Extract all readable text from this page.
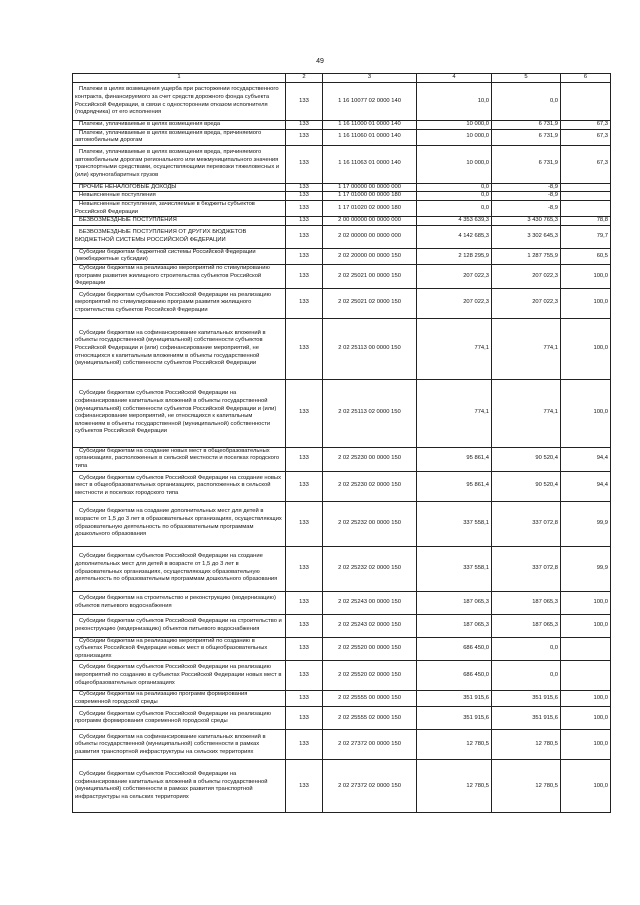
49
1	2	3	4	5	6
Платежи в целях возмещения ущерба при расторжении государственного контракта, финансируемого за счет средств дорожного фонда субъекта Российской Федерации, в связи с односторонним отказом исполнителя (подрядчика) от его исполнения	133	1 16 10077 02 0000 140	10,0	0,0	
Платежи, уплачиваемые в целях возмещения вреда	133	1 16 11000 01 0000 140	10 000,0	6 731,9	67,3
Платежи, уплачиваемые в целях возмещения вреда, причиняемого автомобильным дорогам	133	1 16 11060 01 0000 140	10 000,0	6 731,9	67,3
Платежи, уплачиваемые в целях возмещения вреда, причиняемого автомобильным дорогам регионального или межмуниципального значения транспортными средствами, осуществляющими перевозки тяжеловесных и (или) крупногабаритных грузов	133	1 16 11063 01 0000 140	10 000,0	6 731,9	67,3
ПРОЧИЕ НЕНАЛОГОВЫЕ ДОХОДЫ	133	1 17 00000 00 0000 000	0,0	-8,9	
Невыясненные поступления	133	1 17 01000 00 0000 180	0,0	-8,9	
Невыясненные поступления, зачисляемые в бюджеты субъектов Российской Федерации	133	1 17 01020 02 0000 180	0,0	-8,9	
БЕЗВОЗМЕЗДНЫЕ ПОСТУПЛЕНИЯ	133	2 00 00000 00 0000 000	4 353 639,3	3 430 765,3	78,8
БЕЗВОЗМЕЗДНЫЕ ПОСТУПЛЕНИЯ ОТ ДРУГИХ БЮДЖЕТОВ БЮДЖЕТНОЙ СИСТЕМЫ РОССИЙСКОЙ ФЕДЕРАЦИИ	133	2 02 00000 00 0000 000	4 142 685,3	3 302 645,3	79,7
Субсидии бюджетам бюджетной системы Российской Федерации (межбюджетные субсидии)	133	2 02 20000 00 0000 150	2 128 295,9	1 287 755,9	60,5
Субсидии бюджетам на реализацию мероприятий по стимулированию программ развития жилищного строительства субъектов Российской Федерации	133	2 02 25021 00 0000 150	207 022,3	207 022,3	100,0
Субсидии бюджетам субъектов Российской Федерации на реализацию мероприятий по стимулированию программ развития жилищного строительства субъектов Российской Федерации	133	2 02 25021 02 0000 150	207 022,3	207 022,3	100,0
Субсидии бюджетам на софинансирование капитальных вложений в объекты государственной (муниципальной) собственности субъектов Российской Федерации и (или) софинансирование мероприятий, не относящихся к капитальным вложениям в объекты государственной (муниципальной) собственности субъектов Российской Федерации	133	2 02 25113 00 0000 150	774,1	774,1	100,0
Субсидии бюджетам субъектов Российской Федерации на софинансирование капитальных вложений в объекты государственной (муниципальной) собственности субъектов Российской Федерации и (или) софинансирование мероприятий, не относящихся к капитальным вложениям в объекты государственной (муниципальной) собственности субъектов Российской Федерации	133	2 02 25113 02 0000 150	774,1	774,1	100,0
Субсидии бюджетам на создание новых мест в общеобразовательных организациях, расположенных в сельской местности и поселках городского типа	133	2 02 25230 00 0000 150	95 861,4	90 520,4	94,4
Субсидии бюджетам субъектов Российской Федерации на создание новых мест в общеобразовательных организациях, расположенных в сельской местности и поселках городского типа	133	2 02 25230 02 0000 150	95 861,4	90 520,4	94,4
Субсидии бюджетам на создание дополнительных мест для детей в возрасте от 1,5 до 3 лет в образовательных организациях, осуществляющих образовательную деятельность по образовательным программам дошкольного образования	133	2 02 25232 00 0000 150	337 558,1	337 072,8	99,9
Субсидии бюджетам субъектов Российской Федерации на создание дополнительных мест для детей в возрасте от 1,5 до 3 лет в образовательных организациях, осуществляющих образовательную деятельность по образовательным программам дошкольного образования	133	2 02 25232 02 0000 150	337 558,1	337 072,8	99,9
Субсидии бюджетам на строительство и реконструкцию (модернизацию) объектов питьевого водоснабжения	133	2 02 25243 00 0000 150	187 065,3	187 065,3	100,0
Субсидии бюджетам субъектов Российской Федерации на строительство и реконструкцию (модернизацию) объектов питьевого водоснабжения	133	2 02 25243 02 0000 150	187 065,3	187 065,3	100,0
Субсидии бюджетам на реализацию мероприятий по созданию в субъектах Российской Федерации новых мест в общеобразовательных организациях	133	2 02 25520 00 0000 150	686 450,0	0,0	
Субсидии бюджетам субъектов Российской Федерации на реализацию мероприятий по созданию в субъектах Российской Федерации новых мест в общеобразовательных организациях	133	2 02 25520 02 0000 150	686 450,0	0,0	
Субсидии бюджетам на реализацию программ формирования современной городской среды	133	2 02 25555 00 0000 150	351 915,6	351 915,6	100,0
Субсидии бюджетам субъектов Российской Федерации на реализацию программ формирования современной городской среды	133	2 02 25555 02 0000 150	351 915,6	351 915,6	100,0
Субсидии бюджетам на софинансирование капитальных вложений в объекты государственной (муниципальной) собственности в рамках развития транспортной инфраструктуры на сельских территориях	133	2 02 27372 00 0000 150	12 780,5	12 780,5	100,0
Субсидии бюджетам субъектов Российской Федерации на софинансирование капитальных вложений в объекты государственной (муниципальной) собственности в рамках развития транспортной инфраструктуры на сельских территориях	133	2 02 27372 02 0000 150	12 780,5	12 780,5	100,0
